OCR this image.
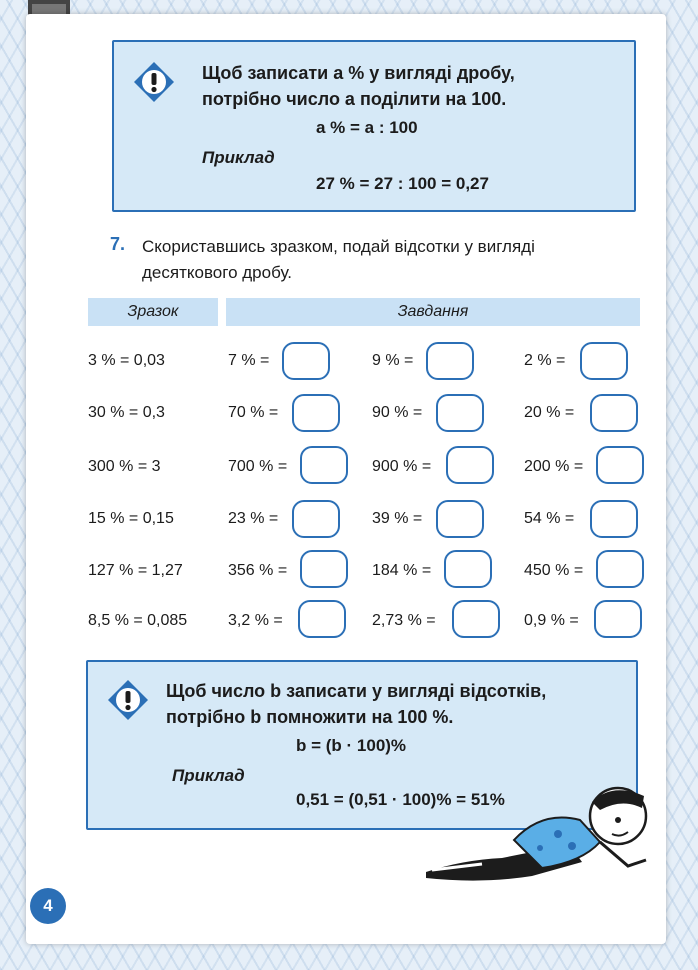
Щоб записати a % у вигляді дробу,
потрібно число a поділити на 100.
a % = a : 100
Приклад
27 % = 27 : 100 = 0,27
7. Скориставшись зразком, подай відсотки у вигляді десяткового дробу.
Зразок	Завдання
3 % = 0,03	7 % =	9 % =	2 % =
30 % = 0,3	70 % =	90 % =	20 % =
300 % = 3	700 % =	900 % =	200 % =
15 % = 0,15	23 % =	39 % =	54 % =
127 % = 1,27	356 % =	184 % =	450 % =
8,5 % = 0,085	3,2 % =	2,73 % =	0,9 % =
Щоб число b записати у вигляді відсотків,
потрібно b помножити на 100 %.
b = (b · 100)%
Приклад
0,51 = (0,51 · 100)% = 51%
4
